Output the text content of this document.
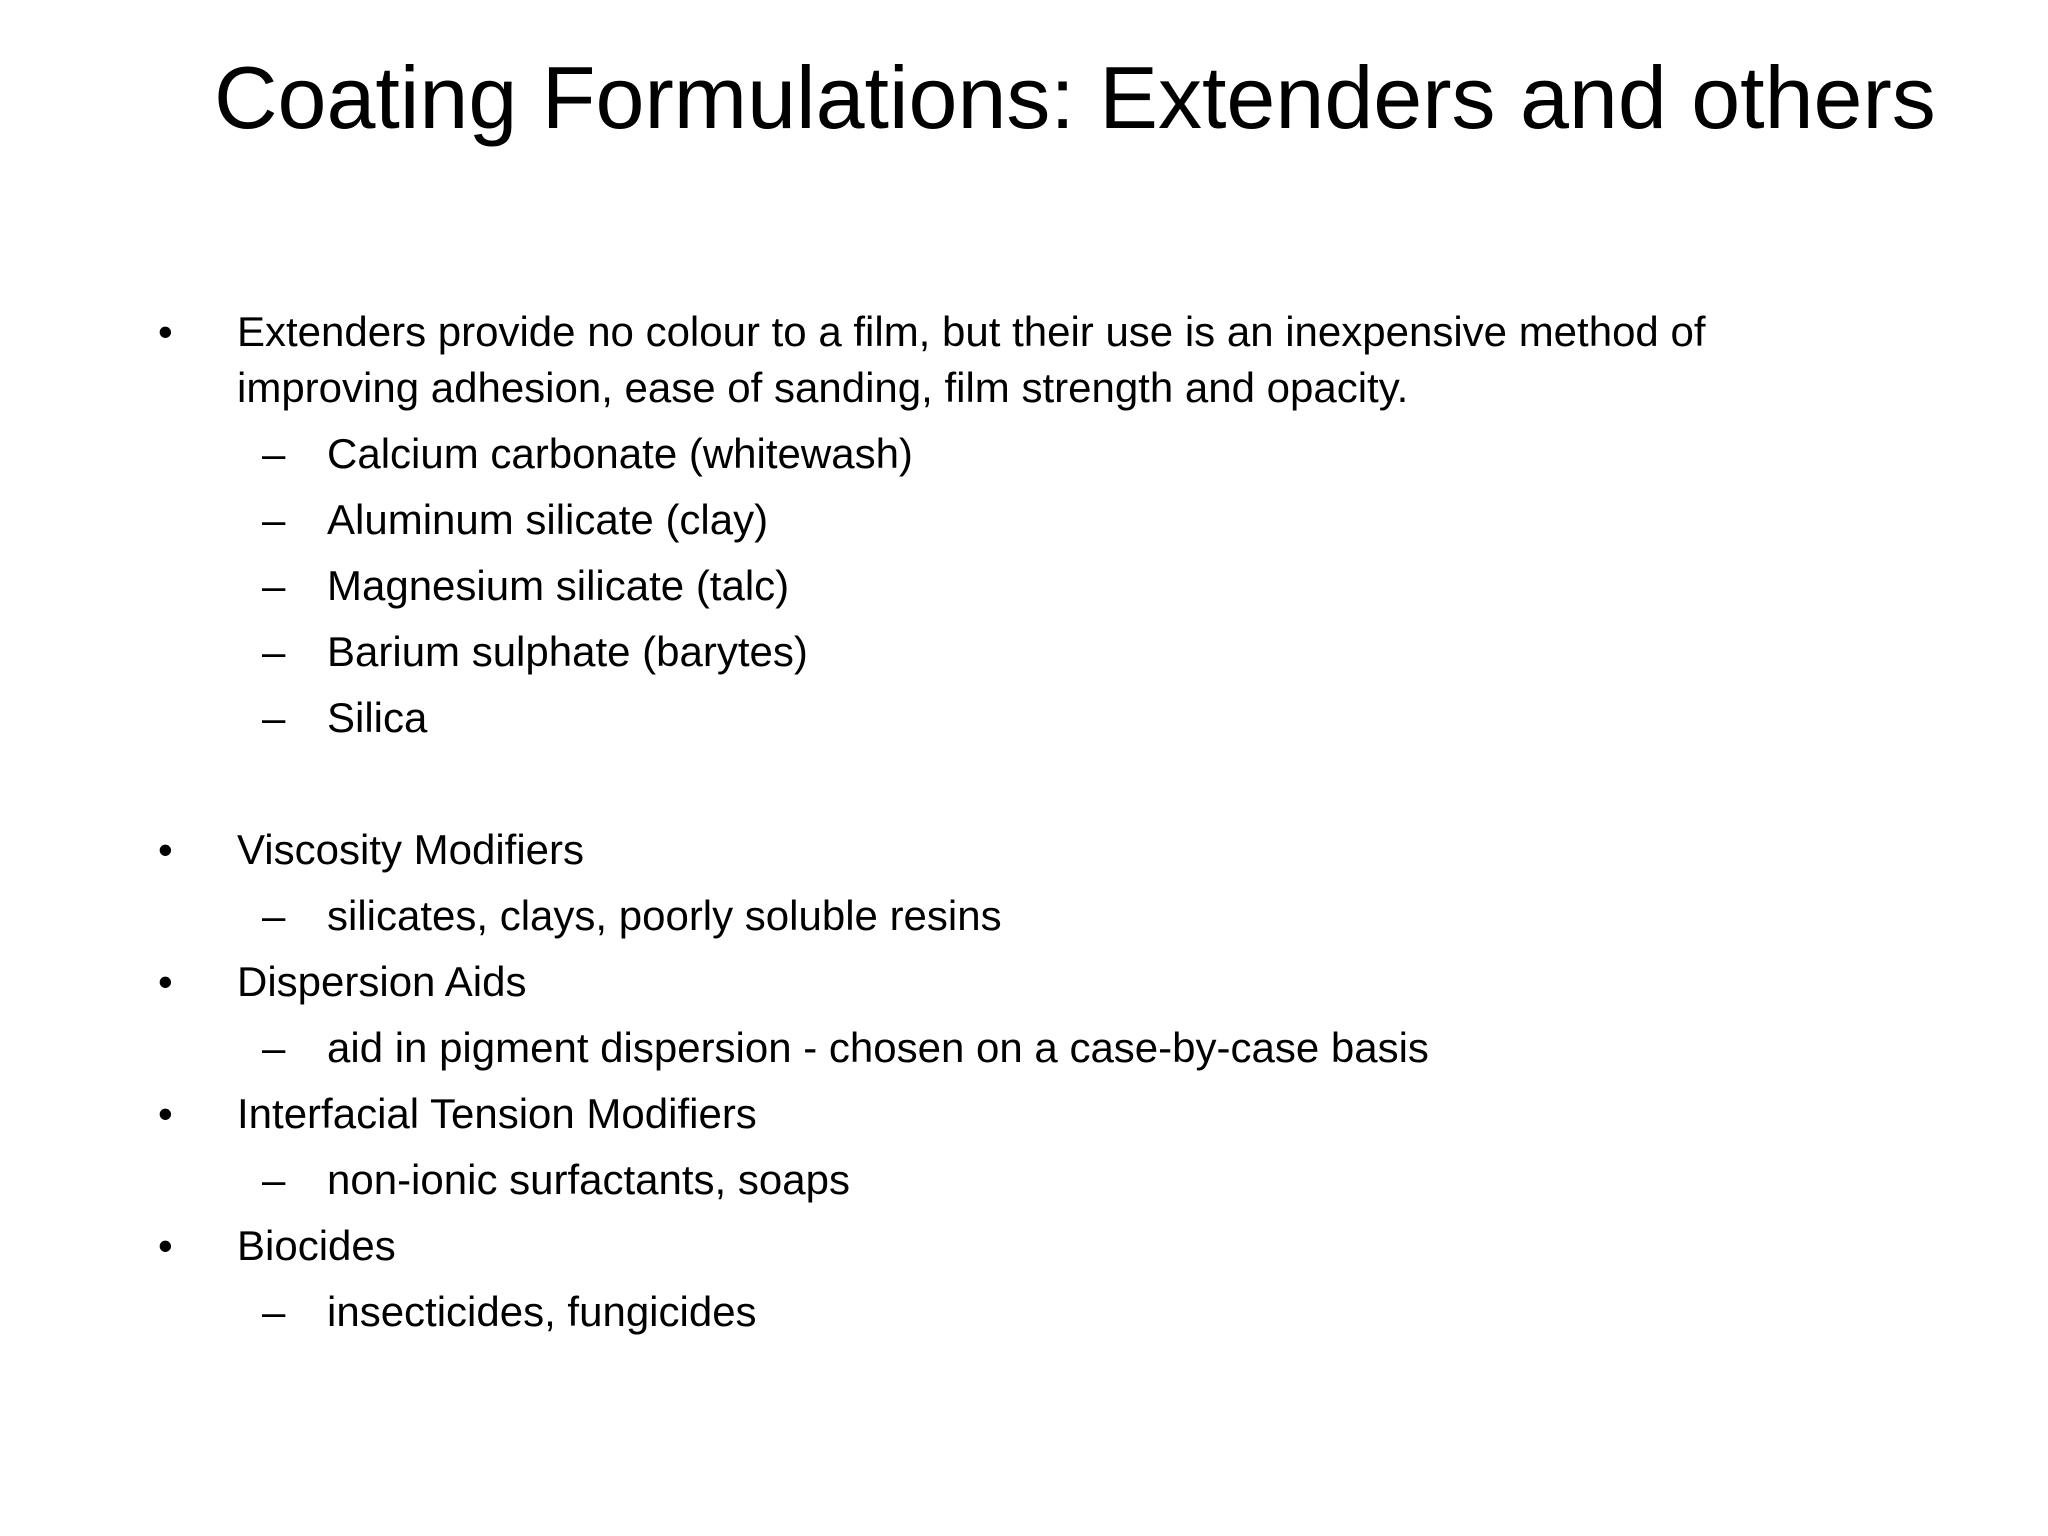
Coating Formulations: Extenders and others
•	Extenders provide no colour to a film, but their use is an inexpensive method of
improving adhesion, ease of sanding, film strength and opacity.
– Calcium carbonate (whitewash)
– Aluminum silicate (clay)
– Magnesium silicate (talc)
– Barium sulphate (barytes)
– Silica
•	Viscosity Modifiers
– silicates, clays, poorly soluble resins
•	Dispersion Aids
– aid in pigment dispersion - chosen on a case-by-case basis
•	Interfacial Tension Modifiers
– non-ionic surfactants, soaps
•	Biocides
– insecticides, fungicides
